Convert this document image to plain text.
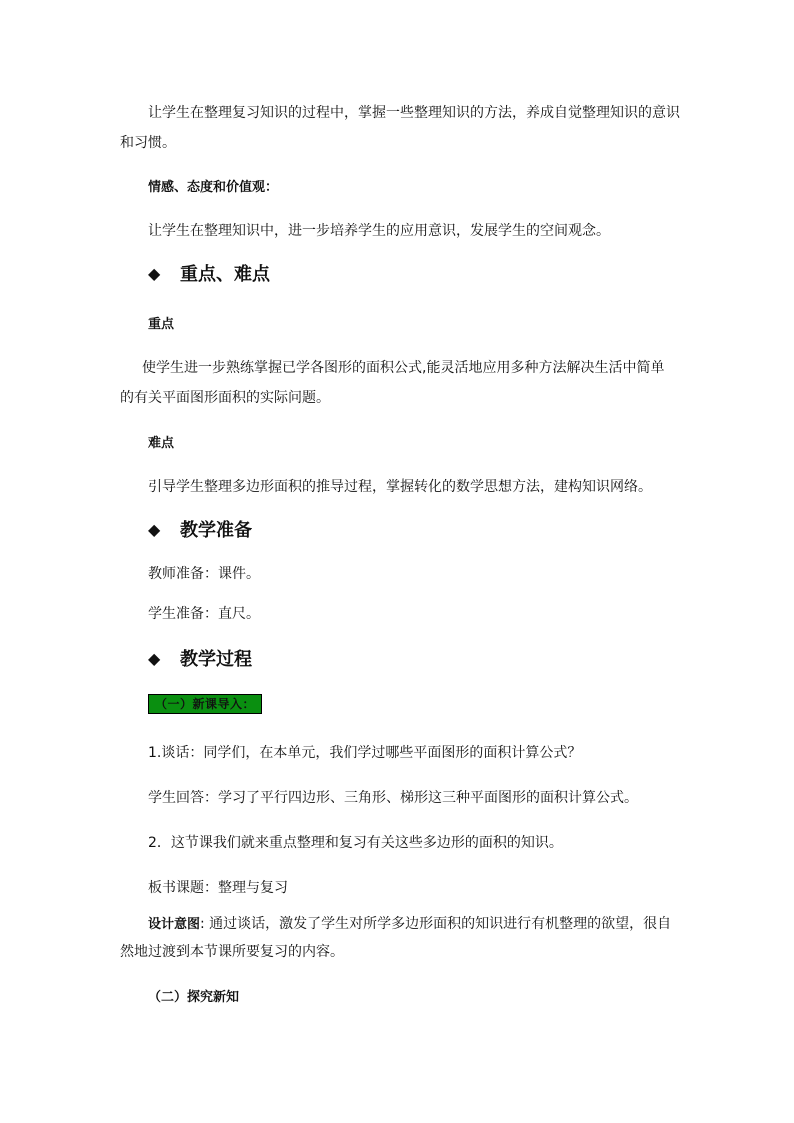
让学生在整理复习知识的过程中，掌握一些整理知识的方法，养成自觉整理知识的意识
和习惯。
情感、态度和价值观：
让学生在整理知识中，进一步培养学生的应用意识，发展学生的空间观念。
◆ 重点、难点
重点
使学生进一步熟练掌握已学各图形的面积公式,能灵活地应用多种方法解决生活中简单
的有关平面图形面积的实际问题。
难点
引导学生整理多边形面积的推导过程，掌握转化的数学思想方法，建构知识网络。
◆ 教学准备
教师准备：课件。
学生准备：直尺。
◆ 教学过程
（一）新课导入：
1.谈话：同学们，在本单元，我们学过哪些平面图形的面积计算公式？
学生回答：学习了平行四边形、三角形、梯形这三种平面图形的面积计算公式。
2．这节课我们就来重点整理和复习有关这些多边形的面积的知识。
板书课题：整理与复习
设计意图: 通过谈话，激发了学生对所学多边形面积的知识进行有机整理的欲望，很自
然地过渡到本节课所要复习的内容。
（二）探究新知
